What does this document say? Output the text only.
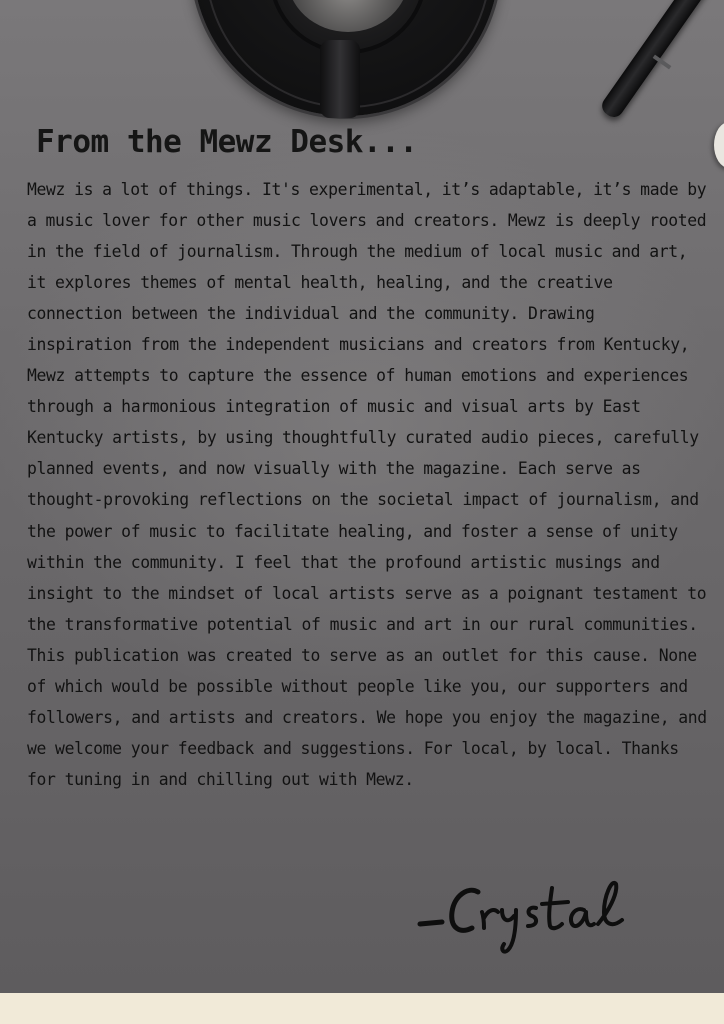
From the Mewz Desk...

Mewz is a lot of things. It's experimental, it’s adaptable, it’s made by a music lover for other music lovers and creators. Mewz is deeply rooted in the field of journalism. Through the medium of local music and art, it explores themes of mental health, healing, and the creative connection between the individual and the community. Drawing inspiration from the independent musicians and creators from Kentucky, Mewz attempts to capture the essence of human emotions and experiences through a harmonious integration of music and visual arts by East Kentucky artists, by using thoughtfully curated audio pieces, carefully planned events, and now visually with the magazine. Each serve as thought-provoking reflections on the societal impact of journalism, and the power of music to facilitate healing, and foster a sense of unity within the community. I feel that the profound artistic musings and insight to the mindset of local artists serve as a poignant testament to the transformative potential of music and art in our rural communities. This publication was created to serve as an outlet for this cause. None of which would be possible without people like you, our supporters and followers, and artists and creators. We hope you enjoy the magazine, and we welcome your feedback and suggestions. For local, by local. Thanks for tuning in and chilling out with Mewz.
